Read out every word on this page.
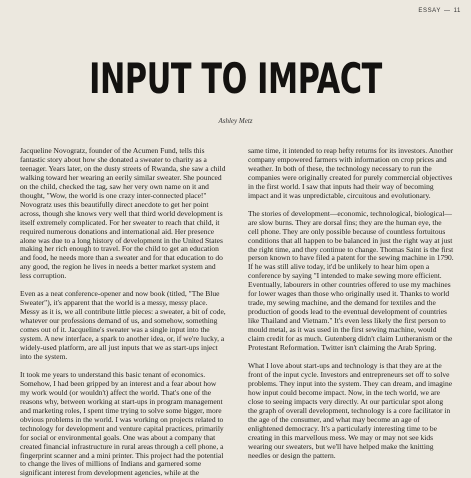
ESSAY — 11
INPUT TO IMPACT
Ashley Metz

Jacqueline Novogratz, founder of the Acumen Fund, tells this fantastic story about how she donated a sweater to charity as a teenager. Years later, on the dusty streets of Rwanda, she saw a child walking toward her wearing an eerily similar sweater. She pounced on the child, checked the tag, saw her very own name on it and thought, "Wow, the world is one crazy inter-connected place!" Novogratz uses this beautifully direct anecdote to get her point across, though she knows very well that third world development is itself extremely complicated. For her sweater to reach that child, it required numerous donations and international aid. Her presence alone was due to a long history of development in the United States making her rich enough to travel. For the child to get an education and food, he needs more than a sweater and for that education to do any good, the region he lives in needs a better market system and less corruption.

Even as a neat conference-opener and now book (titled, "The Blue Sweater"), it's apparent that the world is a messy, messy place. Messy as it is, we all contribute little pieces: a sweater, a bit of code, whatever our professions demand of us, and somehow, something comes out of it. Jacqueline's sweater was a single input into the system. A new interface, a spark to another idea, or, if we're lucky, a widely-used platform, are all just inputs that we as start-ups inject into the system.

It took me years to understand this basic tenant of economics. Somehow, I had been gripped by an interest and a fear about how my work would (or wouldn't) affect the world. That's one of the reasons why, between working at start-ups in program management and marketing roles, I spent time trying to solve some bigger, more obvious problems in the world. I was working on projects related to technology for development and venture capital practices, primarily for social or environmental goals. One was about a company that created financial infrastructure in rural areas through a cell phone, a fingerprint scanner and a mini printer. This project had the potential to change the lives of millions of Indians and garnered some significant interest from development agencies, while at the

same time, it intended to reap hefty returns for its investors. Another company empowered farmers with information on crop prices and weather. In both of these, the technology necessary to run the companies were originally created for purely commercial objectives in the first world. I saw that inputs had their way of becoming impact and it was unpredictable, circuitous and evolutionary.

The stories of development—economic, technological, biological—are slow burns. They are dorsal fins; they are the human eye, the cell phone. They are only possible because of countless fortuitous conditions that all happen to be balanced in just the right way at just the right time, and they continue to change. Thomas Saint is the first person known to have filed a patent for the sewing machine in 1790. If he was still alive today, it'd be unlikely to hear him open a conference by saying "I intended to make sewing more efficient. Eventually, labourers in other countries offered to use my machines for lower wages than those who originally used it. Thanks to world trade, my sewing machine, and the demand for textiles and the production of goods lead to the eventual development of countries like Thailand and Vietnam." It's even less likely the first person to mould metal, as it was used in the first sewing machine, would claim credit for as much. Gutenberg didn't claim Lutheranism or the Protestant Reformation. Twitter isn't claiming the Arab Spring.

What I love about start-ups and technology is that they are at the front of the input cycle. Investors and entrepreneurs set off to solve problems. They input into the system. They can dream, and imagine how input could become impact. Now, in the tech world, we are close to seeing impacts very directly. At our particular spot along the graph of overall development, technology is a core facilitator in the age of the consumer, and what may become an age of enlightened democracy. It's a particularly interesting time to be creating in this marvellous mess. We may or may not see kids wearing our sweaters, but we'll have helped make the knitting needles or design the pattern.
